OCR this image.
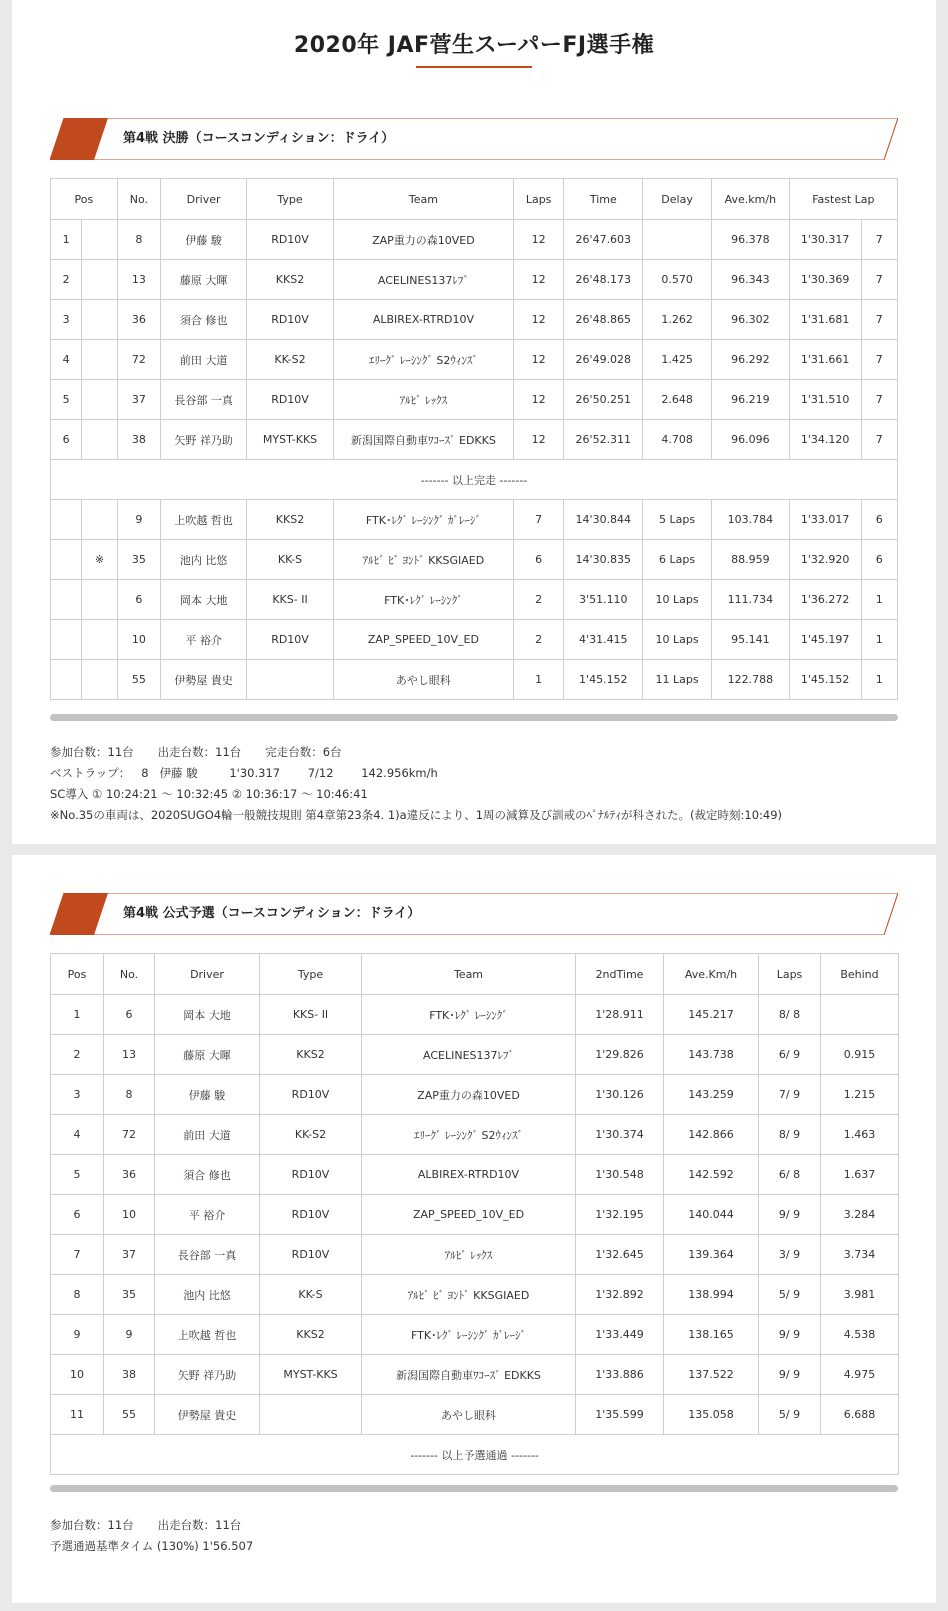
2020年 JAF菅生スーパーFJ選手権
第4戦 決勝（コースコンディション：ドライ）
Pos		No.	Driver	Type	Team	Laps	Time	Delay	Ave.km/h	Fastest Lap	
1		8	伊藤 駿	RD10V	ZAP重力の森10VED	12	26'47.603		96.378	1'30.317	7
2		13	藤原 大暉	KKS2	ACELINES137ﾚﾌﾞ	12	26'48.173	0.570	96.343	1'30.369	7
3		36	須合 修也	RD10V	ALBIREX-RTRD10V	12	26'48.865	1.262	96.302	1'31.681	7
4		72	前田 大道	KK-S2	ｴﾘｰｸﾞ ﾚｰｼﾝｸﾞ S2ｳｨﾝｽﾞ	12	26'49.028	1.425	96.292	1'31.661	7
5		37	長谷部 一真	RD10V	ｱﾙﾋﾞ ﾚｯｸｽ	12	26'50.251	2.648	96.219	1'31.510	7
6		38	矢野 祥乃助	MYST-KKS	新潟国際自動車ﾜｺｰｽﾞ EDKKS	12	26'52.311	4.708	96.096	1'34.120	7
------- 以上完走 -------											
		9	上吹越 哲也	KKS2	FTK･ﾚｸﾞ ﾚｰｼﾝｸﾞ ｶﾞﾚｰｼﾞ	7	14'30.844	5 Laps	103.784	1'33.017	6
	※	35	池内 比悠	KK-S	ｱﾙﾋﾞ ﾋﾞ ﾖﾝﾄﾞ KKSGIAED	6	14'30.835	6 Laps	88.959	1'32.920	6
		6	岡本 大地	KKS- II	FTK･ﾚｸﾞ ﾚｰｼﾝｸﾞ	2	3'51.110	10 Laps	111.734	1'36.272	1
		10	平 裕介	RD10V	ZAP_SPEED_10V_ED	2	4'31.415	10 Laps	95.141	1'45.197	1
		55	伊勢屋 貴史		あやし眼科	1	1'45.152	11 Laps	122.788	1'45.152	1
参加台数：11台 出走台数：11台 完走台数：6台
ベストラップ： 8 伊藤 駿	1'30.317 7/12 142.956km/h
SC導入 ① 10:24:21 ～ 10:32:45 ② 10:36:17 ～ 10:46:41
※No.35の車両は、2020SUGO4輪一般競技規則 第4章第23条4. 1)a違反により、1周の減算及び訓戒のﾍﾟﾅﾙﾃｨが科された。(裁定時刻:10:49)
第4戦 公式予選（コースコンディション：ドライ）
Pos	No.	Driver	Type	Team	2ndTime	Ave.Km/h	Laps	Behind
1	6	岡本 大地	KKS- II	FTK･ﾚｸﾞ ﾚｰｼﾝｸﾞ	1'28.911	145.217	8/ 8	
2	13	藤原 大暉	KKS2	ACELINES137ﾚﾌﾞ	1'29.826	143.738	6/ 9	0.915
3	8	伊藤 駿	RD10V	ZAP重力の森10VED	1'30.126	143.259	7/ 9	1.215
4	72	前田 大道	KK-S2	ｴﾘｰｸﾞ ﾚｰｼﾝｸﾞ S2ｳｨﾝｽﾞ	1'30.374	142.866	8/ 9	1.463
5	36	須合 修也	RD10V	ALBIREX-RTRD10V	1'30.548	142.592	6/ 8	1.637
6	10	平 裕介	RD10V	ZAP_SPEED_10V_ED	1'32.195	140.044	9/ 9	3.284
7	37	長谷部 一真	RD10V	ｱﾙﾋﾞ ﾚｯｸｽ	1'32.645	139.364	3/ 9	3.734
8	35	池内 比悠	KK-S	ｱﾙﾋﾞ ﾋﾞ ﾖﾝﾄﾞ KKSGIAED	1'32.892	138.994	5/ 9	3.981
9	9	上吹越 哲也	KKS2	FTK･ﾚｸﾞ ﾚｰｼﾝｸﾞ ｶﾞﾚｰｼﾞ	1'33.449	138.165	9/ 9	4.538
10	38	矢野 祥乃助	MYST-KKS	新潟国際自動車ﾜｺｰｽﾞ EDKKS	1'33.886	137.522	9/ 9	4.975
11	55	伊勢屋 貴史		あやし眼科	1'35.599	135.058	5/ 9	6.688
------- 以上予選通過 -------								
参加台数：11台 出走台数：11台
予選通過基準タイム (130%) 1'56.507
